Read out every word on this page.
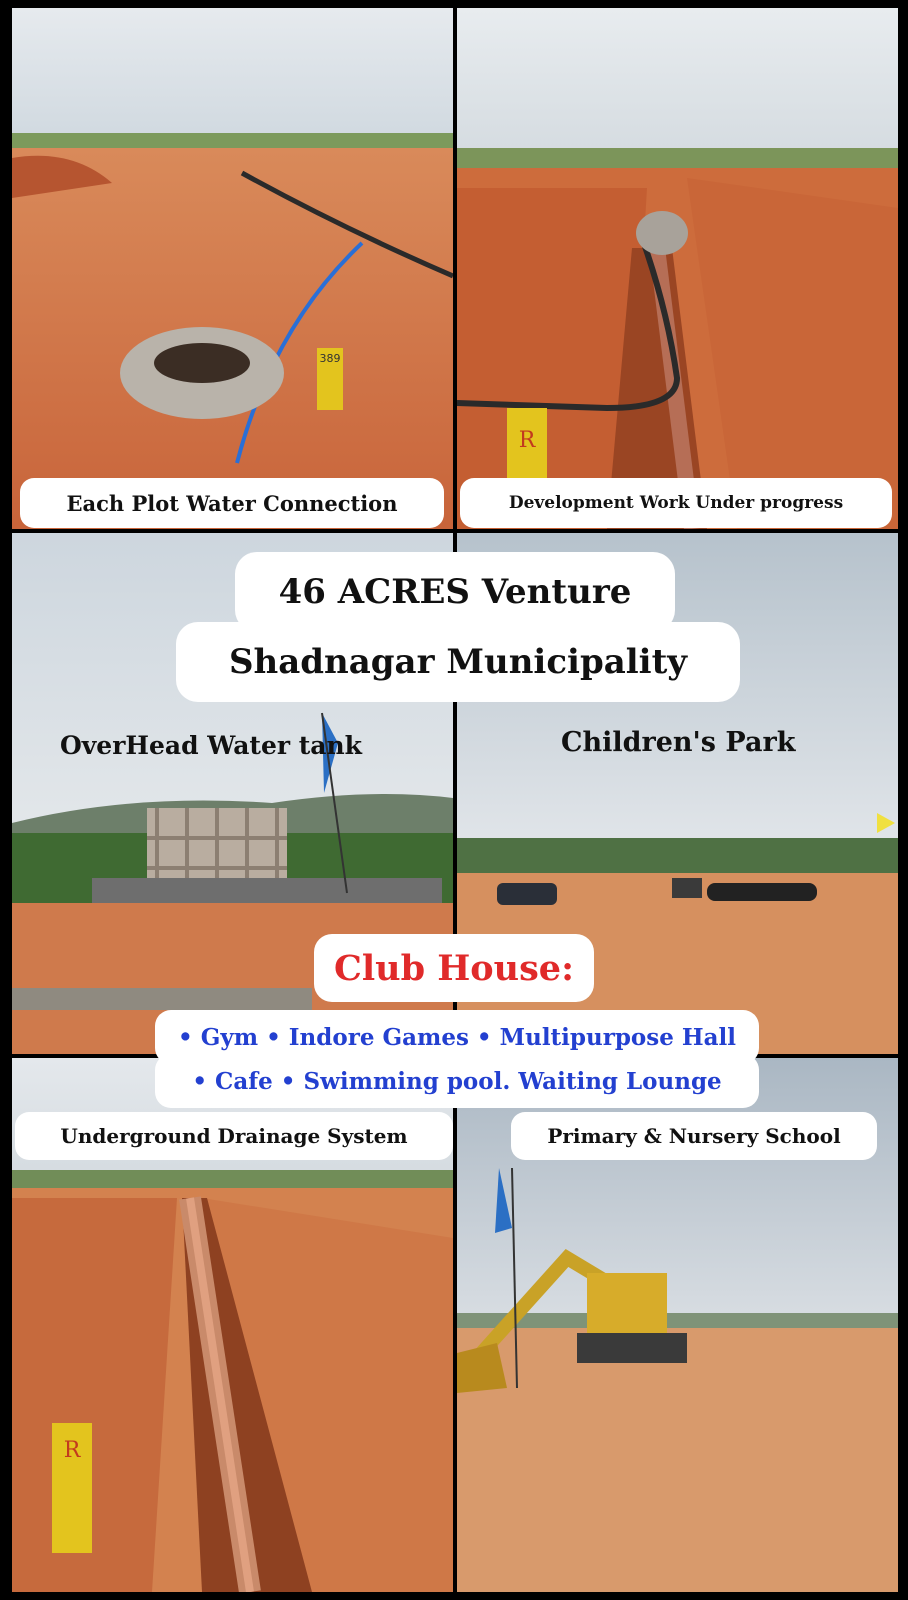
389
R
R
Each Plot Water Connection	Development Work Under progress
46 ACRES Venture
Shadnagar Municipality
OverHead Water tank	Children's Park
Club House:
• Gym • Indore Games • Multipurpose Hall
• Cafe • Swimming pool. Waiting Lounge
Underground Drainage System	Primary & Nursery School
